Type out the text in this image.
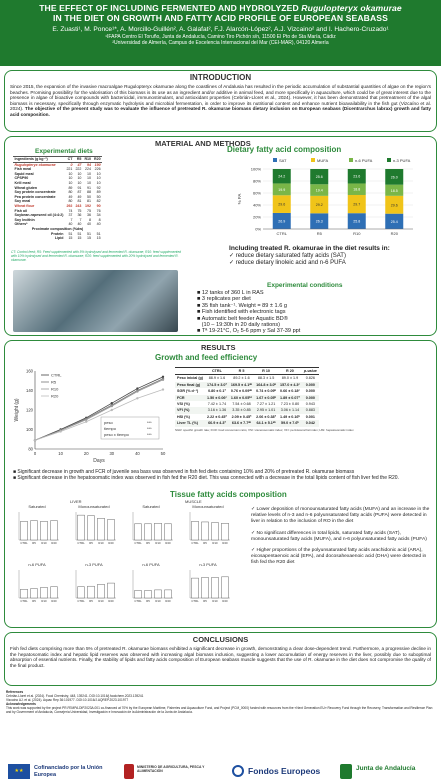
THE EFFECT OF INCLUDING FERMENTED AND HYDROLYZED Rugulopteryx okamurae
IN THE DIET ON GROWTH AND FATTY ACID PROFILE OF EUROPEAN SEABASS
E. Zuasti¹, M. Ponce¹*, A. Morcillo-Guillén², A. Galafat², F.J. Alarcón-López², A.J. Vizcaino² and I. Hachero-Cruzado¹
¹IFAPA Centro El Toruño, Junta de Andalucía, Camino Tiro Pichón s/n, 11500 El Pto de Sta María, Cádiz
²Universidad de Almería, Campus de Excelencia Internacional del Mar (CEI-MAR), 04120 Almería
INTRODUCTION
Since 2015, the expansion of the invasive macroalgae Rugulopteryx okamurae along the coastlines of Andalusia has resulted in the periodic accumulation of substantial quantities of algae on the region's beaches. Promising possibility for the valorisation of this biomass is its use as an ingredient and/or additive in animal feed, and more specifically in aquaculture, which could be of great interest due to the presence in algae of bioactive compounds with bactericidal, immunostimulant, and antioxidant properties (Cebrián-Lloret et al., 2024). However, it has been demonstrated that pretreatment of the algal biomass is necessary, specifically through enzymatic hydrolysis and microbial fermentation, in order to improve its nutritional content and enhance nutrient bioavailability in the fish gut (Vizcaíno et al. 2024). The objective of the present study was to evaluate the influence of pretreated R. okamurae biomass dietary inclusion on European seabass (Dicentrarchus labrax) growth and fatty acid composition.
MATERIAL AND METHODS
Experimental diets
Ingredients (g kg⁻¹)	CT	R5	R10	R20
Rugulopteryx okamurae	0	47	94	190
Fish meal	221	222	224	226
Squid meal	10	10	10	10
CPSP90	10	10	10	10
Krill meal	10	10	10	10
Wheat gluten	89	91	91	92
Soy protein concentrate	80	87	88	89
Pea protein concentrate	49	49	50	50
Soy meal	80	81	81	82
Wheat flour	292	243	192	90
Fish oil	74	75	75	76
Soybean-rapeseed oil (4:4:2)	37	36	36	34
Soy lecithin	7	7	8	8
Others*	40	40	40	40
Proximate composition (%dw)				
Protein	51	51	51	51
Lipid	15	15	15	15
CT: Control feed; R5: Feed supplemented with 5% hydrolysed and fermented R. okamurae; R10: feed supplemented with 10% hydrolysed and fermented R. okamurae; R20: feed supplemented with 20% hydrolysed and fermented R. okamurae.
Dietary fatty acid composition
SAT	MUFA	n-6 PUFA	n-3 PUFA
0%
20%
40%
60%
80%
100%
% FA
26.9
29.6
19.9
24.2
CTRL
26.3
29.2
19.4
25.6
R5
25.8
29.7
18.8
23.6
R10
25.4
29.6
18.5
26.0
R20
Including treated R. okamurae in the diet results in:
✓ reduce dietary saturated fatty acids (SAT)
✓ reduce dietary linoleic acid and n-6 PUFA
Experimental conditions
■ 12 tanks of 360 L in RAS
■ 3 replicates per diet
■ 35 fish tank⁻¹. Weight = 89 ± 1.6 g
■ Fish identified with electronic tags
■ Automatic belt feeder Aquatic BD®
(10 – 19:30h in 20 daily rations)
■ Tª 19-21°C, O₂ 5-6 ppm y Sal 37-39 ppt
RESULTS
Growth and feed efficiency
80
100
120
140
160
0	10	20	30	40	50
Days
Weight (g)
CTRL
R5
R10
R20
peso	***
tiempo	***
peso x tiempo	***
	CTRL	R 5	R 10	R 20	p-value
Peso inicial (g)	88.9 ± 1.6	89.2 ± 1.6	88.3 ± 1.5	89.0 ± 1.9	0.826
Peso final (g)	174.5 ± 3.0ª	169.5 ± 4.1ᵃᵇ	164.8 ± 3.0ᵇ	157.0 ± 4.3ᶜ	0.000
SGR (% d⁻¹)	0.80 ± 0.1ª	0.76 ± 0.09ᵃᵇ	0.74 ± 0.09ᵇ	0.66 ± 0.18ᶜ	0.000
FCR	1.50 ± 0.06ᶜ	1.60 ± 0.05ᵇᶜ	1.67 ± 0.05ᵇ	1.89 ± 0.07ª	0.000
VSI (%)	7.42 ± 1.74	7.54 ± 0.68	7.27 ± 1.21	7.23 ± 0.80	0.943
VFI (%)	3.16 ± 1.36	3.35 ± 0.85	2.95 ± 1.01	3.06 ± 1.14	0.883
HSI (%)	2.22 ± 0.45ª	2.09 ± 0.45ª	2.06 ± 0.38ª	1.49 ± 0.16ᵇ	0.001
Liver TL (%)	66.9 ± 4.3ª	63.6 ± 7.7ᵃᵇ	64.1 ± 5.1ᵃᵇ	59.0 ± 7.6ᵇ	0.042
SGR: specific growth rate; FCR: food conversion ratio; VSI: viscerosomatic index; VFI: perivisceral fat index; HSI: hepatosomatic index
■ Significant decrease in growth and FCR of juvenile sea bass was observed in fish fed diets containing 10% and 20% of pretreated R. okamurae biomass
■ Significant decrease in the hepatosomatic index was observed in fish fed the R20 diet. This was connected with a decrease in the total lipids content of fish liver fed the R20.
Tissue fatty acids composition
LIVER	MUSCLE
Saturated
CTRL R5 R10 R20
Monounsaturated
CTRL R5 R10 R20
Saturated
CTRL R5 R10 R20
Monounsaturated
CTRL R5 R10 R20
n-6 PUFA
CTRL R5 R10 R20
n-3 PUFA
CTRL R5 R10 R20
n-6 PUFA
CTRL R5 R10 R20
n-3 PUFA
CTRL R5 R10 R20
✓ Lower deposition of monounsaturated fatty acids (MUFA) and an increase in the relative levels of n-3 and n-6 polyunsaturated fatty acids (PUFA) were detected in liver in relation to the inclusion of RO in the diet
✓ No significant differences in total lipids, saturated fatty acids (SAT), monounsaturated fatty acids (MUFA), and n-6 polyunsaturated fatty acids (PUFA)
✓ Higher proportions of the polyunsaturated fatty acids arachidonic acid (ARA), eicosapentaenoic acid (EPA), and docosahexaenoic acid (DHA) were detected in fish fed the R20 diet
CONCLUSIONS
Fish fed diets comprising more than 5% of pretreated R. okamurae biomass exhibited a significant decrease in growth, demonstrating a clear dose-dependent trend. Furthermore, a progressive decline in the hepatosomatic index and hepatic lipid reserves was observed with increasing algal biomass inclusion, suggesting a lower accumulation of energy reserves in the liver, possibly due to suboptimal absorption of essential nutrients. Finally, the stability of lipids and fatty acids composition of European seabass muscle suggests that the use of R. okamurae in the diet does not compromise the quality of the final product.
References
Cebrián-Lloret et al. (2024). Food Chemistry, 448, 139241. DOI:10.1016/j.foodchem.2023.139241
Vizcaíno AJ. et al. (2024). Aquac Rep 36:101977. DOI:10.1016/J.AQREP.2023.101977
Acknowledgements
This work was supported by the project PR.FEMPA.DIP2023A.001 co-financed at 70% by the European Maritime, Fisheries and Aquaculture Fund, and Project (PCM_0000) funded with resources from the «Next Generation EU» Recovery Fund through the Recovery, Transformation and Resilience Plan and by Government of Andalucía, Consejería Universidad, Investigación e Innovación de la Administración de la Junta de Andalucía.
★★	Cofinanciado por la Unión Europea
MINISTERIO DE AGRICULTURA, PESCA Y ALIMENTACIÓN	Fondos Europeos	Junta de Andalucía
